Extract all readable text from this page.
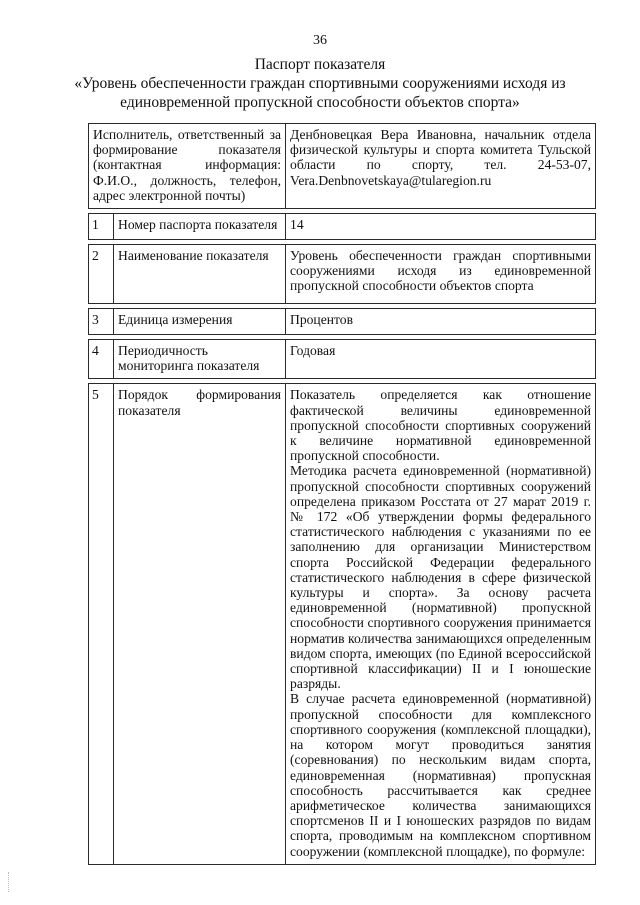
36
Паспорт показателя
«Уровень обеспеченности граждан спортивными сооружениями исходя из
единовременной пропускной способности объектов спорта»
Исполнитель, ответственный за формирование показателя (контактная информация: Ф.И.О., должность, телефон, адрес электронной почты)		Денбновецкая Вера Ивановна, начальник отдела физической культуры и спорта комитета Тульской области по спорту, тел. 24-53-07, Vera.Denbnovetskaya@tularegion.ru

1	Номер паспорта показателя	14

2	Наименование показателя	Уровень обеспеченности граждан спортивными сооружениями исходя из единовременной пропускной способности объектов спорта

3	Единица измерения	Процентов

4	Периодичность мониторинга показателя	Годовая

5	Порядок формирования показателя	Показатель определяется как отношение фактической величины единовременной пропускной способности спортивных сооружений к величине нормативной единовременной пропускной способности.
Методика расчета единовременной (нормативной) пропускной способности спортивных сооружений определена приказом Росстата от 27 марат 2019 г. № 172 «Об утверждении формы федерального статистического наблюдения с указаниями по ее заполнению для организации Министерством спорта Российской Федерации федерального статистического наблюдения в сфере физической культуры и спорта». За основу расчета единовременной (нормативной) пропускной способности спортивного сооружения принимается норматив количества занимающихся определенным видом спорта, имеющих (по Единой всероссийской спортивной классификации) II и I юношеские разряды.
В случае расчета единовременной (нормативной) пропускной способности для комплексного спортивного сооружения (комплексной площадки), на котором могут проводиться занятия (соревнования) по нескольким видам спорта, единовременная (нормативная) пропускная способность рассчитывается как среднее арифметическое количества занимающихся спортсменов II и I юношеских разрядов по видам спорта, проводимым на комплексном спортивном сооружении (комплексной площадке), по формуле:
